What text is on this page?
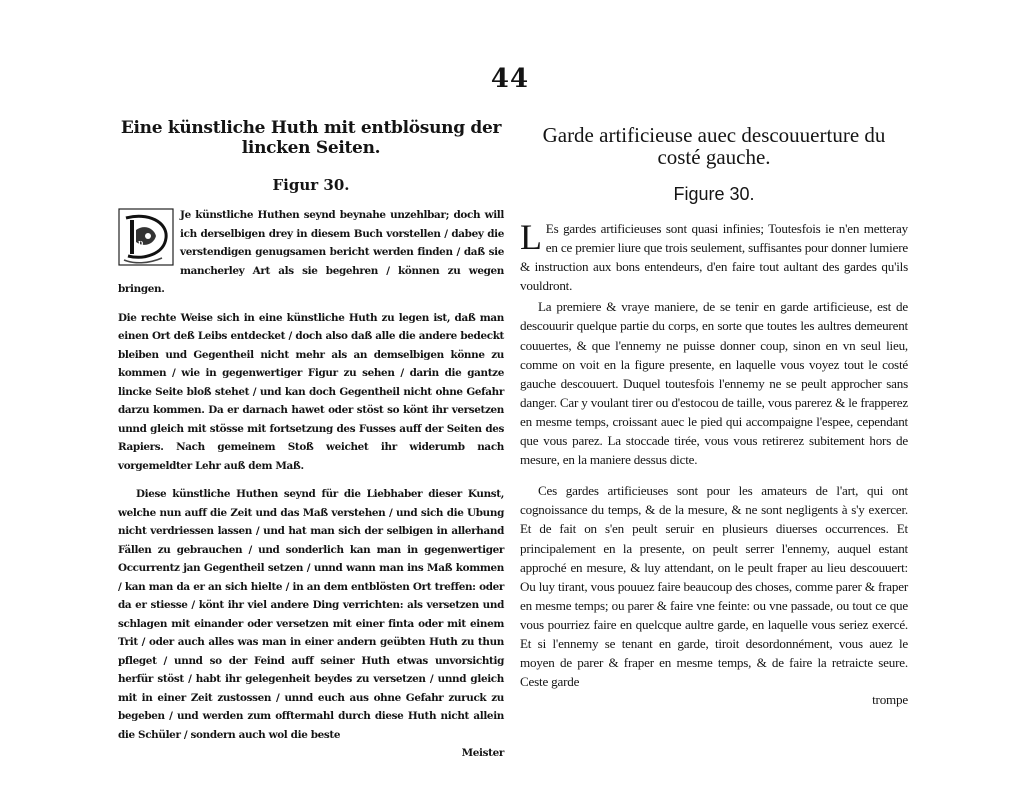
44

Eine künstliche Huth mit entblösung der lincken Seiten.

Figur 30.

D
Je künstliche Huthen seynd beynahe unzehlbar; doch will ich derselbigen drey in diesem Buch vorstellen / dabey die verstendigen genugsamen bericht werden finden / daß sie mancherley Art als sie begehren / können zu wegen bringen.

Die rechte Weise sich in eine künstliche Huth zu legen ist, daß man einen Ort deß Leibs entdecket / doch also daß alle die andere bedeckt bleiben und Gegentheil nicht mehr als an demselbigen könne zu kommen / wie in gegenwertiger Figur zu sehen / darin die gantze lincke Seite bloß stehet / und kan doch Gegentheil nicht ohne Gefahr darzu kommen. Da er darnach hawet oder stöst so könt ihr versetzen unnd gleich mit stösse mit fortsetzung des Fusses auff der Seiten des Rapiers. Nach gemeinem Stoß weichet ihr widerumb nach vorgemeldter Lehr auß dem Maß.

Diese künstliche Huthen seynd für die Liebhaber dieser Kunst, welche nun auff die Zeit und das Maß verstehen / und sich die Ubung nicht verdriessen lassen / und hat man sich der selbigen in allerhand Fällen zu gebrauchen / und sonderlich kan man in gegenwertiger Occurrentz jan Gegentheil setzen / unnd wann man ins Maß kommen / kan man da er an sich hielte / in an dem entblösten Ort treffen: oder da er stiesse / könt ihr viel andere Ding verrichten: als versetzen und schlagen mit einander oder versetzen mit einer finta oder mit einem Trit / oder auch alles was man in einer andern geübten Huth zu thun pfleget / unnd so der Feind auff seiner Huth etwas unvorsichtig herfür stöst / habt ihr gelegenheit beydes zu versetzen / unnd gleich mit in einer Zeit zustossen / unnd euch aus ohne Gefahr zuruck zu begeben / und werden zum offtermahl durch diese Huth nicht allein die Schüler / sondern auch wol die beste

Meister

Garde artificieuse auec descouuerture du
costé gauche.

Figure 30.

L Es gardes artificieuses sont quasi infinies; Toutesfois ie n'en metteray en ce premier liure que trois seulement, suffisantes pour donner lumiere & instruction aux bons entendeurs, d'en faire tout aultant des gardes qu'ils vouldront.

La premiere & vraye maniere, de se tenir en garde artificieuse, est de descouurir quelque partie du corps, en sorte que toutes les aultres demeurent couuertes, & que l'ennemy ne puisse donner coup, sinon en vn seul lieu, comme on voit en la figure presente, en laquelle vous voyez tout le costé gauche descouuert. Duquel toutesfois l'ennemy ne se peult approcher sans danger. Car y voulant tirer ou d'estocou de taille, vous parerez & le frapperez en mesme temps, croissant auec le pied qui accompaigne l'espee, cependant que vous parez. La stoccade tirée, vous vous retirerez subitement hors de mesure, en la maniere dessus dicte.

Ces gardes artificieuses sont pour les amateurs de l'art, qui ont cognoissance du temps, & de la mesure, & ne sont negligents à s'y exercer. Et de fait on s'en peult seruir en plusieurs diuerses occurrences. Et principalement en la presente, on peult serrer l'ennemy, auquel estant approché en mesure, & luy attendant, on le peult fraper au lieu descouuert: Ou luy tirant, vous pouuez faire beaucoup des choses, comme parer & fraper en mesme temps; ou parer & faire vne feinte: ou vne passade, ou tout ce que vous pourriez faire en quelcque aultre garde, en laquelle vous seriez exercé. Et si l'ennemy se tenant en garde, tiroit desordonnément, vous auez le moyen de parer & fraper en mesme temps, & de faire la retraicte seure. Ceste garde

trompe
